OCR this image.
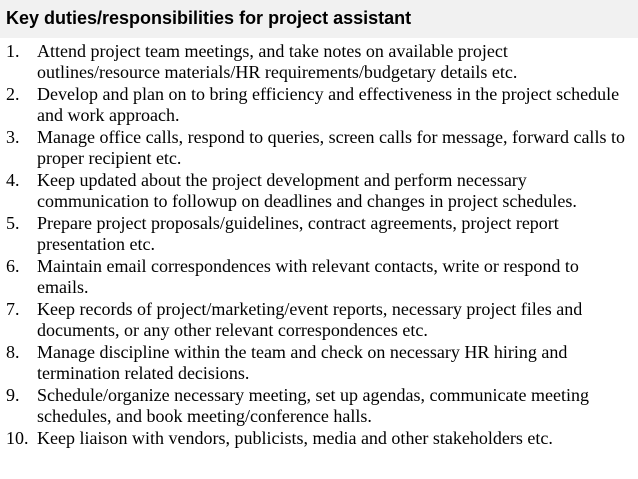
Key duties/responsibilities for project assistant
1. Attend project team meetings, and take notes on available project outlines/resource materials/HR requirements/budgetary details etc.
2. Develop and plan on to bring efficiency and effectiveness in the project schedule and work approach.
3. Manage office calls, respond to queries, screen calls for message, forward calls to proper recipient etc.
4. Keep updated about the project development and perform necessary communication to followup on deadlines and changes in project schedules.
5. Prepare project proposals/guidelines, contract agreements, project report presentation etc.
6. Maintain email correspondences with relevant contacts, write or respond to emails.
7. Keep records of project/marketing/event reports, necessary project files and documents, or any other relevant correspondences etc.
8. Manage discipline within the team and check on necessary HR hiring and termination related decisions.
9. Schedule/organize necessary meeting, set up agendas, communicate meeting schedules, and book meeting/conference halls.
10. Keep liaison with vendors, publicists, media and other stakeholders etc.
